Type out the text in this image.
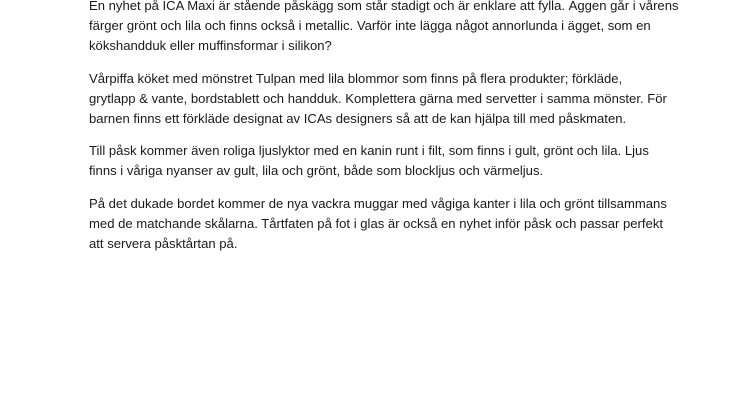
En nyhet på ICA Maxi är stående påskägg som står stadigt och är enklare att fylla. Äggen går i vårens
färger grönt och lila och finns också i metallic. Varför inte lägga något annorlunda i ägget, som en
kökshandduk eller muffinsformar i silikon?

Vårpiffa köket med mönstret Tulpan med lila blommor som finns på flera produkter; förkläde,
grytlapp & vante, bordstablett och handduk. Komplettera gärna med servetter i samma mönster. För
barnen finns ett förkläde designat av ICAs designers så att de kan hjälpa till med påskmaten.

Till påsk kommer även roliga ljuslyktor med en kanin runt i filt, som finns i gult, grönt och lila. Ljus
finns i våriga nyanser av gult, lila och grönt, både som blockljus och värmeljus.

På det dukade bordet kommer de nya vackra muggar med vågiga kanter i lila och grönt tillsammans
med de matchande skålarna. Tårtfaten på fot i glas är också en nyhet inför påsk och passar perfekt
att servera påsktårtan på.
